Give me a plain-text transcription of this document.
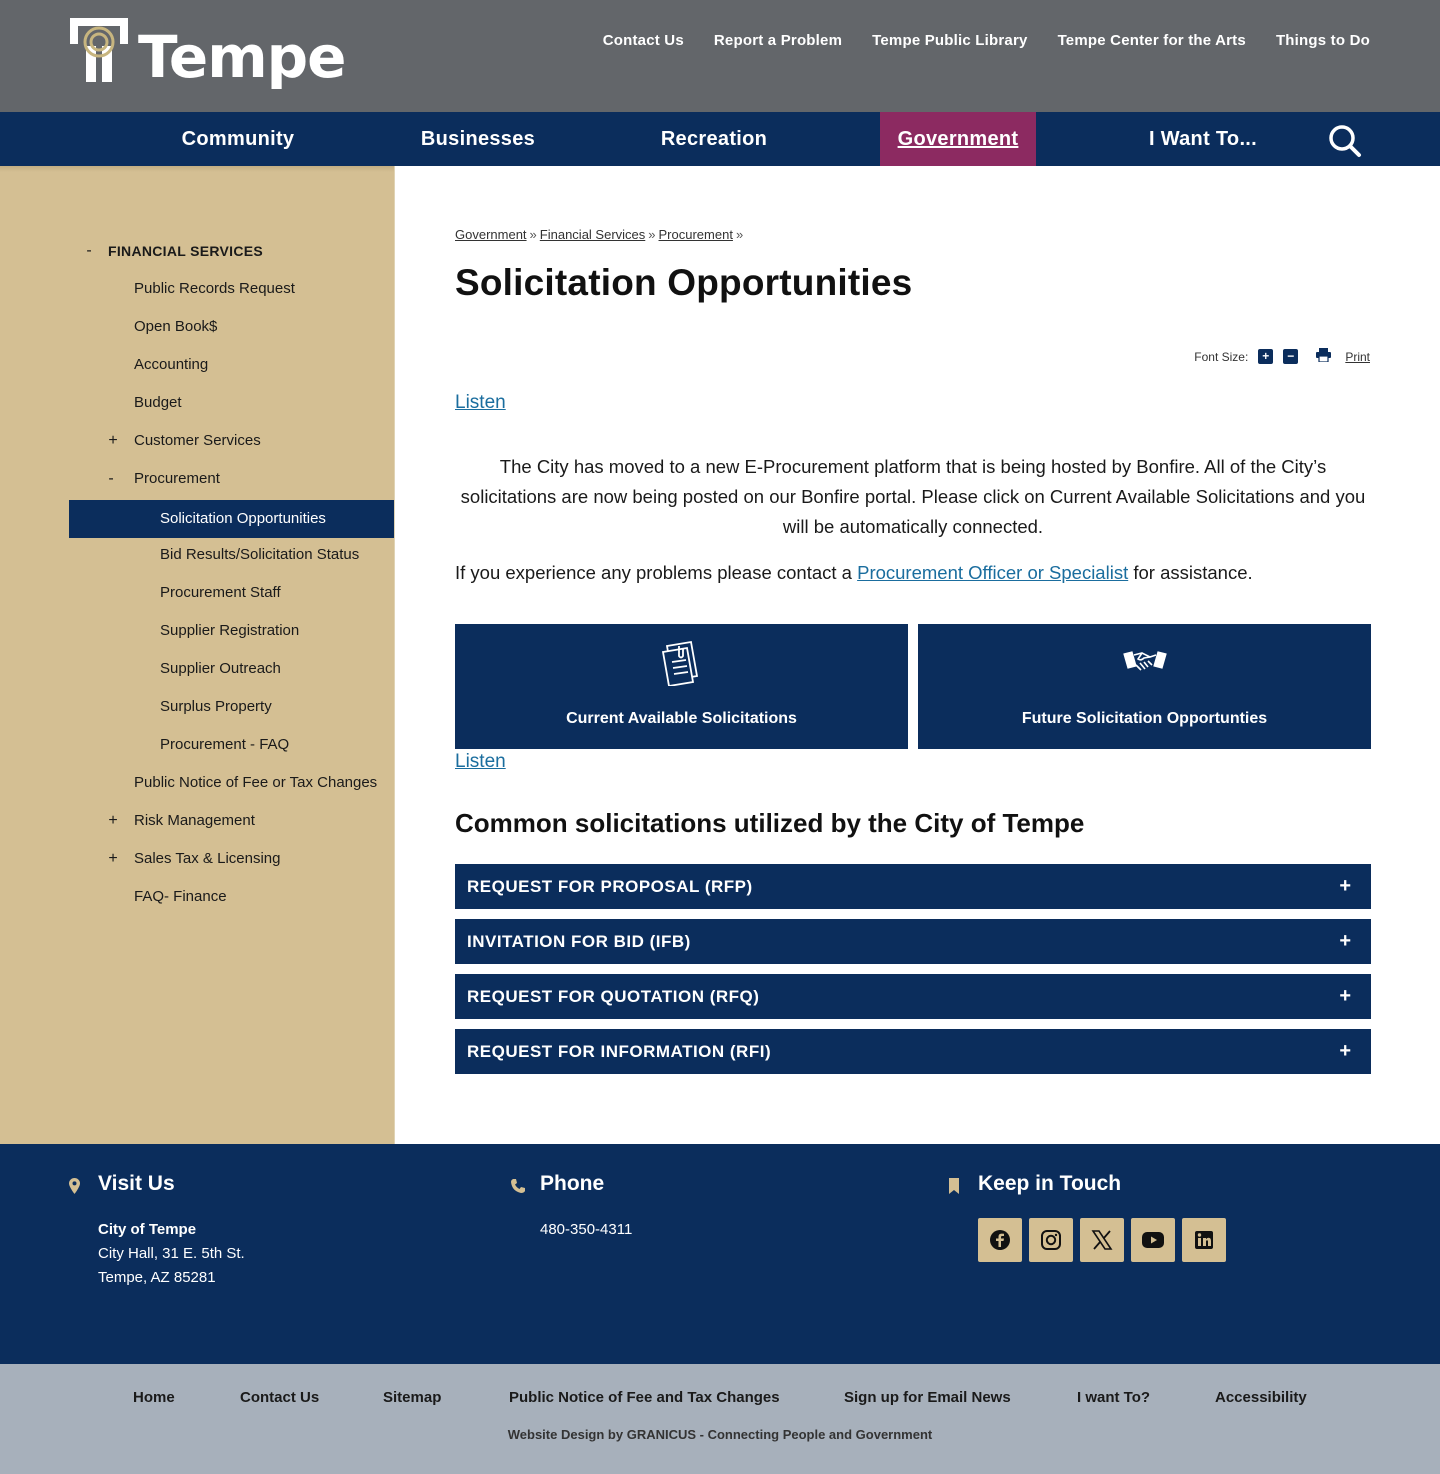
Tempe	Contact Us Report a Problem Tempe Public Library Tempe Center for the Arts Things to Do
Community	Businesses	Recreation	Government	I Want To...
-	FINANCIAL SERVICES
Public Records Request
Open Book$
Accounting
Budget
+	Customer Services
-	Procurement
Solicitation Opportunities
Bid Results/Solicitation Status
Procurement Staff
Supplier Registration
Supplier Outreach
Surplus Property
Procurement - FAQ
Public Notice of Fee or Tax Changes
+	Risk Management
+	Sales Tax & Licensing
FAQ- Finance
Government » Financial Services » Procurement »
Solicitation Opportunities
Font Size:	+	−	Print
Listen

The City has moved to a new E-Procurement platform that is being hosted by Bonfire. All of the City’s solicitations are now being posted on our Bonfire portal. Please click on Current Available Solicitations and you will be automatically connected.

If you experience any problems please contact a Procurement Officer or Specialist for assistance.

Current Available Solicitations	Future Solicitation Opportunties
Listen
Common solicitations utilized by the City of Tempe
REQUEST FOR PROPOSAL (RFP)	+
INVITATION FOR BID (IFB)	+
REQUEST FOR QUOTATION (RFQ)	+
REQUEST FOR INFORMATION (RFI)	+
Visit Us
City of Tempe
City Hall, 31 E. 5th St.
Tempe, AZ 85281
Phone
480-350-4311
Keep in Touch
Home	Contact Us	Sitemap	Public Notice of Fee and Tax Changes	Sign up for Email News	I want To?	Accessibility
Website Design by GRANICUS - Connecting People and Government
